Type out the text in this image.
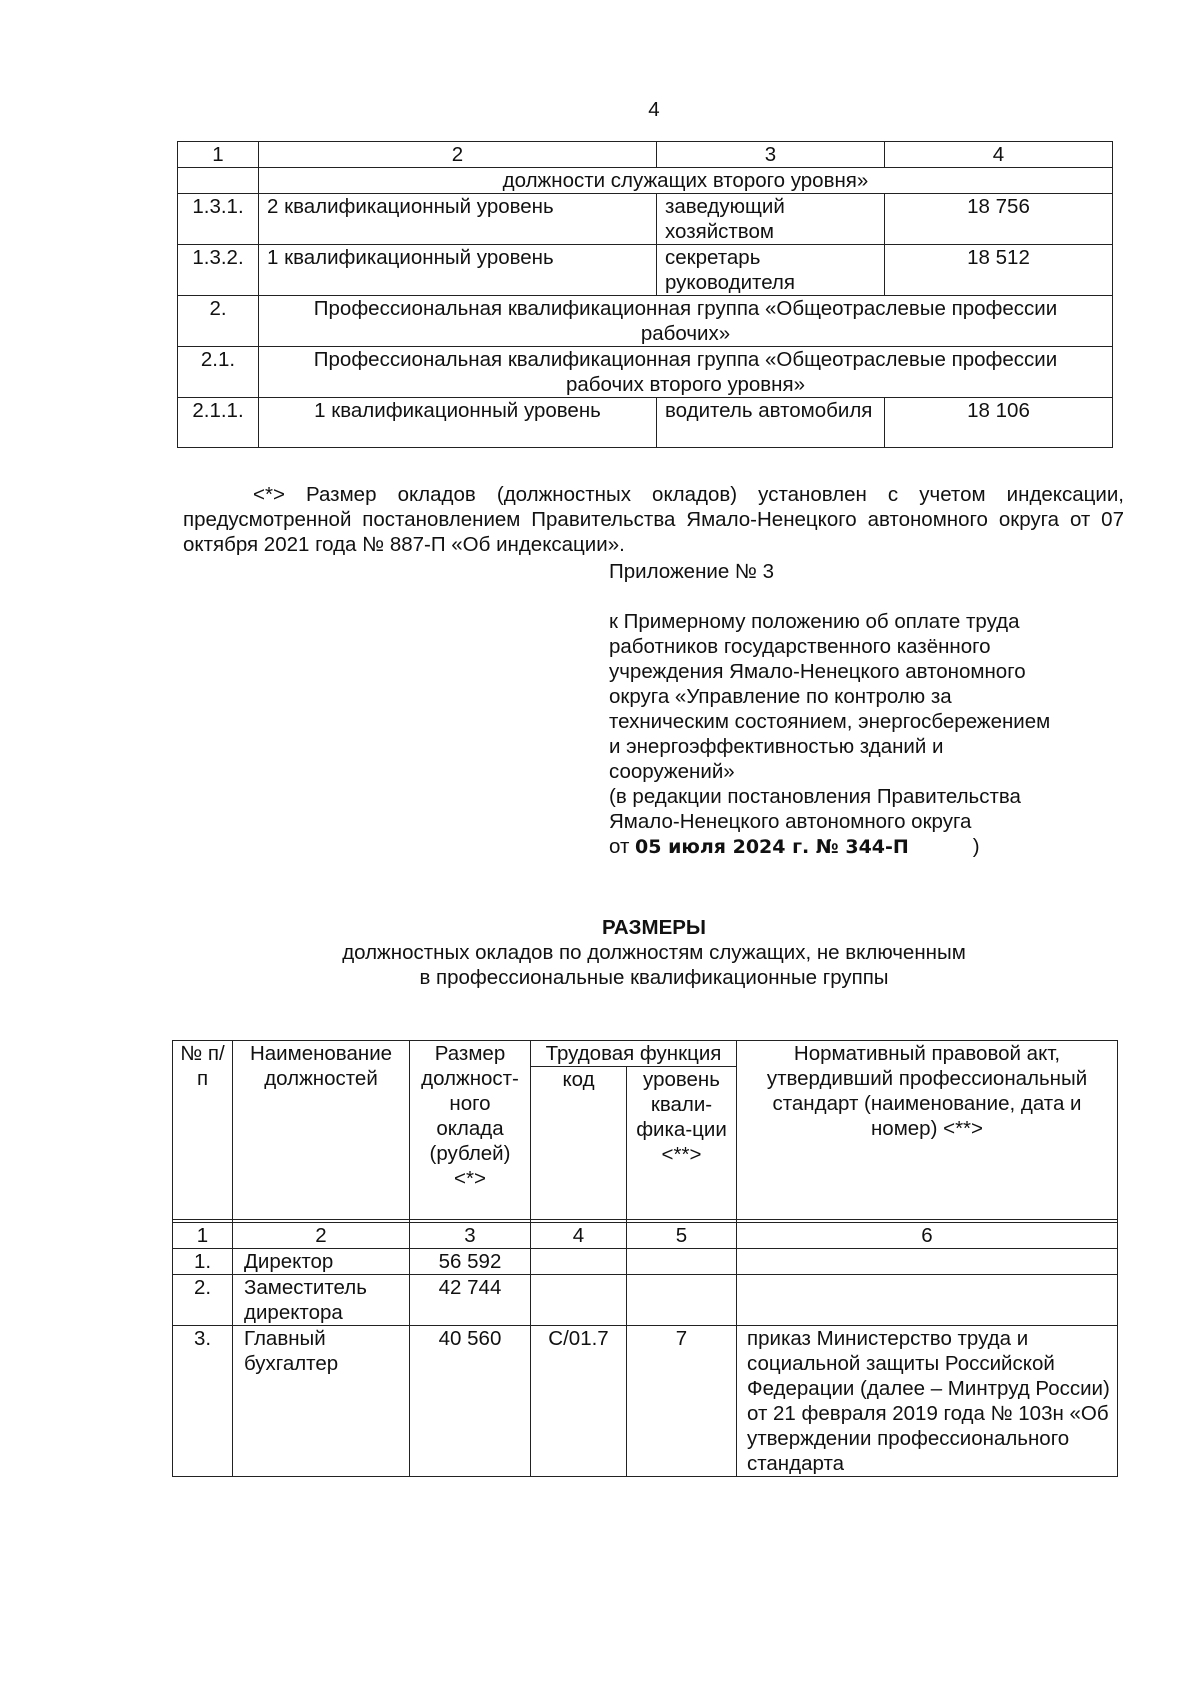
4
1	2	3	4
	должности служащих второго уровня»		
1.3.1.	2 квалификационный уровень	заведующий хозяйством	18 756
1.3.2.	1 квалификационный уровень	секретарь руководителя	18 512
2.	Профессиональная квалификационная группа «Общеотраслевые профессии рабочих»		
2.1.	Профессиональная квалификационная группа «Общеотраслевые профессии рабочих второго уровня»		
2.1.1.	1 квалификационный уровень	водитель автомобиля	18 106

<*> Размер окладов (должностных окладов) установлен с учетом индексации, предусмотренной постановлением Правительства Ямало-Ненецкого автономного округа от 07 октября 2021 года № 887-П «Об индексации».

Приложение № 3
к Примерному положению об оплате труда
работников государственного казённого
учреждения Ямало-Ненецкого автономного
округа «Управление по контролю за
техническим состоянием, энергосбережением
и энергоэффективностью зданий и
сооружений»
(в редакции постановления Правительства
Ямало-Ненецкого автономного округа
от 05 июля 2024 г. № 344-П	)
РАЗМЕРЫ
должностных окладов по должностям служащих, не включенным
в профессиональные квалификационные группы
№ п/п	Наименование должностей	Размер должност-ного оклада (рублей) <*>	Трудовая функция		Нормативный правовой акт, утвердивший профессиональный стандарт (наименование, дата и номер) <**>
			код	уровень квали-фика-ции <**>	

1	2	3	4	5	6
1.	Директор	56 592			
2.	Заместитель директора	42 744			
3.	Главный бухгалтер	40 560	С/01.7	7	приказ Министерство труда и социальной защиты Российской Федерации (далее – Минтруд России) от 21 февраля 2019 года № 103н «Об утверждении профессионального стандарта
